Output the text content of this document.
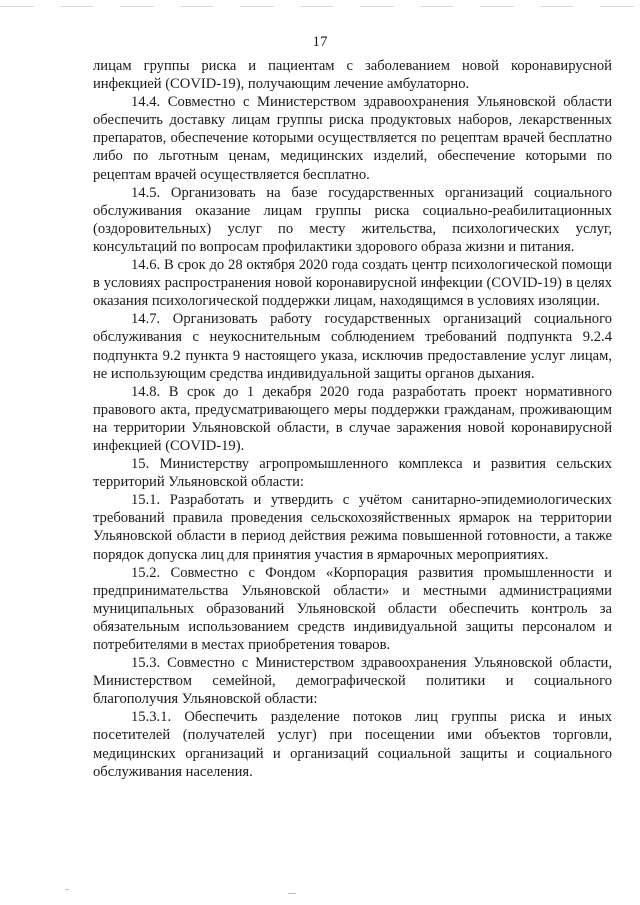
17

лицам группы риска и пациентам с заболеванием новой коронавирусной инфекцией (COVID-19), получающим лечение амбулаторно.

14.4. Совместно с Министерством здравоохранения Ульяновской области обеспечить доставку лицам группы риска продуктовых наборов, лекарственных препаратов, обеспечение которыми осуществляется по рецептам врачей бесплатно либо по льготным ценам, медицинских изделий, обеспечение которыми по рецептам врачей осуществляется бесплатно.

14.5. Организовать на базе государственных организаций социального обслуживания оказание лицам группы риска социально-реабилитационных (оздоровительных) услуг по месту жительства, психологических услуг, консультаций по вопросам профилактики здорового образа жизни и питания.

14.6. В срок до 28 октября 2020 года создать центр психологической помощи в условиях распространения новой коронавирусной инфекции (COVID-19) в целях оказания психологической поддержки лицам, находящимся в условиях изоляции.

14.7. Организовать работу государственных организаций социального обслуживания с неукоснительным соблюдением требований подпункта 9.2.4 подпункта 9.2 пункта 9 настоящего указа, исключив предоставление услуг лицам, не использующим средства индивидуальной защиты органов дыхания.

14.8. В срок до 1 декабря 2020 года разработать проект нормативного правового акта, предусматривающего меры поддержки гражданам, проживающим на территории Ульяновской области, в случае заражения новой коронавирусной инфекцией (COVID-19).

15. Министерству агропромышленного комплекса и развития сельских территорий Ульяновской области:

15.1. Разработать и утвердить с учётом санитарно-эпидемиологических требований правила проведения сельскохозяйственных ярмарок на территории Ульяновской области в период действия режима повышенной готовности, а также порядок допуска лиц для принятия участия в ярмарочных мероприятиях.

15.2. Совместно с Фондом «Корпорация развития промышленности и предпринимательства Ульяновской области» и местными администрациями муниципальных образований Ульяновской области обеспечить контроль за обязательным использованием средств индивидуальной защиты персоналом и потребителями в местах приобретения товаров.

15.3. Совместно с Министерством здравоохранения Ульяновской области, Министерством семейной, демографической политики и социального благополучия Ульяновской области:

15.3.1. Обеспечить разделение потоков лиц группы риска и иных посетителей (получателей услуг) при посещении ими объектов торговли, медицинских организаций и организаций социальной защиты и социального обслуживания населения.
